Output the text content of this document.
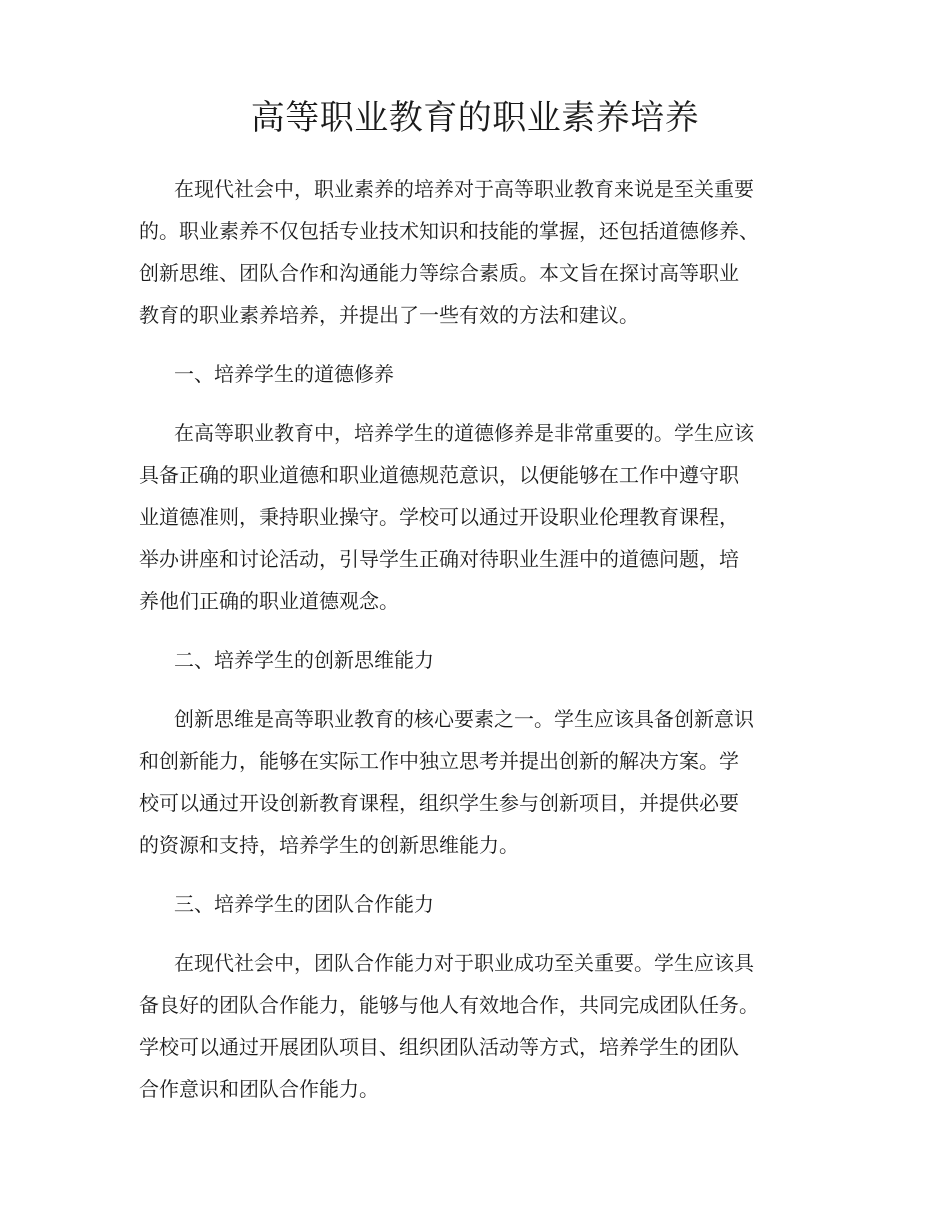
高等职业教育的职业素养培养

在现代社会中，职业素养的培养对于高等职业教育来说是至关重要

的。职业素养不仅包括专业技术知识和技能的掌握，还包括道德修养、

创新思维、团队合作和沟通能力等综合素质。本文旨在探讨高等职业

教育的职业素养培养，并提出了一些有效的方法和建议。

一、培养学生的道德修养

在高等职业教育中，培养学生的道德修养是非常重要的。学生应该

具备正确的职业道德和职业道德规范意识，以便能够在工作中遵守职

业道德准则，秉持职业操守。学校可以通过开设职业伦理教育课程，

举办讲座和讨论活动，引导学生正确对待职业生涯中的道德问题，培

养他们正确的职业道德观念。

二、培养学生的创新思维能力

创新思维是高等职业教育的核心要素之一。学生应该具备创新意识

和创新能力，能够在实际工作中独立思考并提出创新的解决方案。学

校可以通过开设创新教育课程，组织学生参与创新项目，并提供必要

的资源和支持，培养学生的创新思维能力。

三、培养学生的团队合作能力

在现代社会中，团队合作能力对于职业成功至关重要。学生应该具

备良好的团队合作能力，能够与他人有效地合作，共同完成团队任务。

学校可以通过开展团队项目、组织团队活动等方式，培养学生的团队

合作意识和团队合作能力。
